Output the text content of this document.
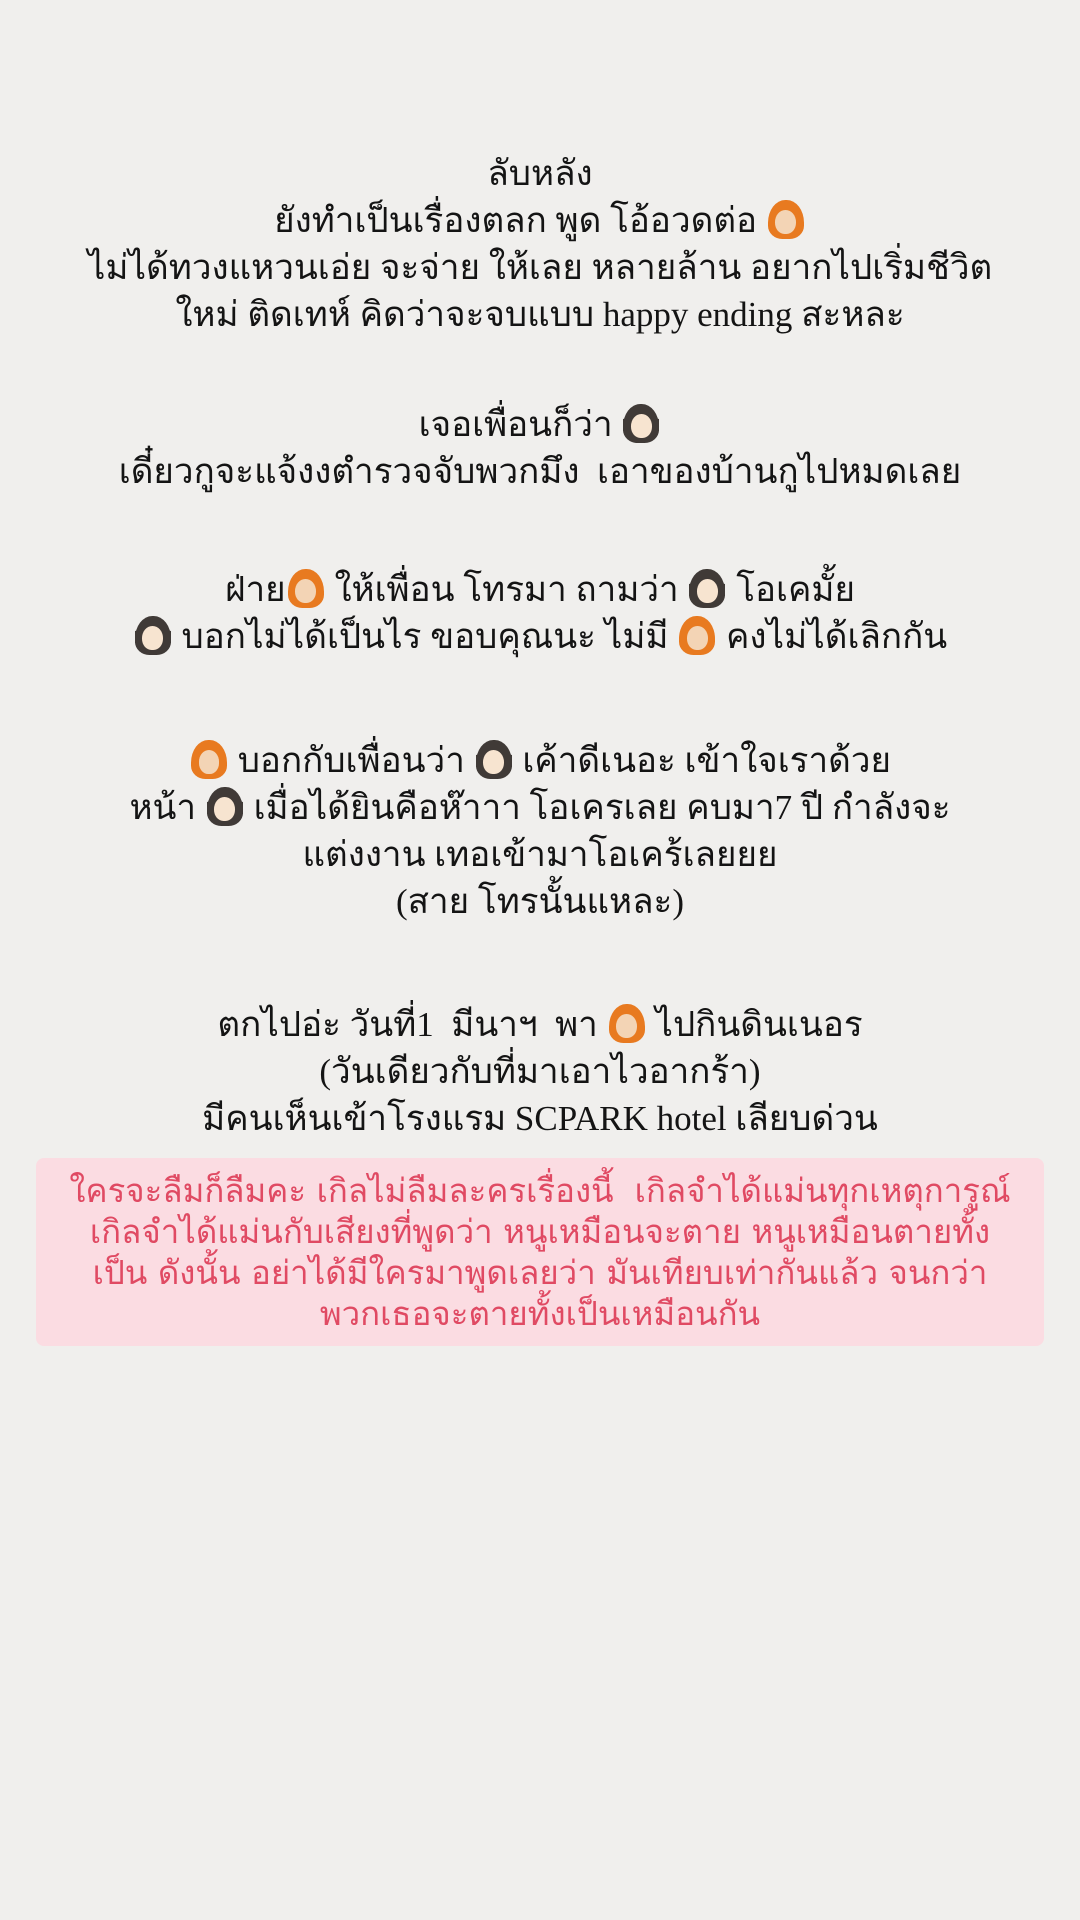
ลับหลัง
ยังทำเป็นเรื่องตลก พูด โอ้อวดต่อ
ไม่ได้ทวงแหวนเอ่ย จะจ่าย ให้เลย หลายล้าน อยากไปเริ่มชีวิต
ใหม่ ติดเทห์ คิดว่าจะจบแบบ happy ending สะหละ
เจอเพื่อนก็ว่า
เดี๋ยวกูจะแจ้งงตำรวจจับพวกมึง  เอาของบ้านกูไปหมดเลย
ฝ่าย ให้เพื่อน โทรมา ถามว่า  โอเคมั้ย
บอกไม่ได้เป็นไร ขอบคุณนะ ไม่มี  คงไม่ได้เลิกกัน
บอกกับเพื่อนว่า  เค้าดีเนอะ เข้าใจเราด้วย
หน้า  เมื่อได้ยินคือห๊าาา โอเครเลย คบมา7 ปี กำลังจะ
แต่งงาน เทอเข้ามาโอเคร้เลยยย
(สาย โทรนั้นแหละ)
ตกไปอ่ะ วันที่1  มีนาฯ  พา  ไปกินดินเนอร
(วันเดียวกับที่มาเอาไวอากร้า)
มีคนเห็นเข้าโรงแรม SCPARK hotel เลียบด่วน
ใครจะลืมก็ลืมคะ เกิลไม่ลืมละครเรื่องนี้  เกิลจำได้แม่นทุกเหตุการูณ์
เกิลจำได้แม่นกับเสียงที่พูดว่า หนูเหมือนจะตาย หนูเหมือนตายทั้ง
เป็น ดังนั้น อย่าได้มีใครมาพูดเลยว่า มันเทียบเท่ากันแล้ว จนกว่า
พวกเธอจะตายทั้งเป็นเหมือนกัน
